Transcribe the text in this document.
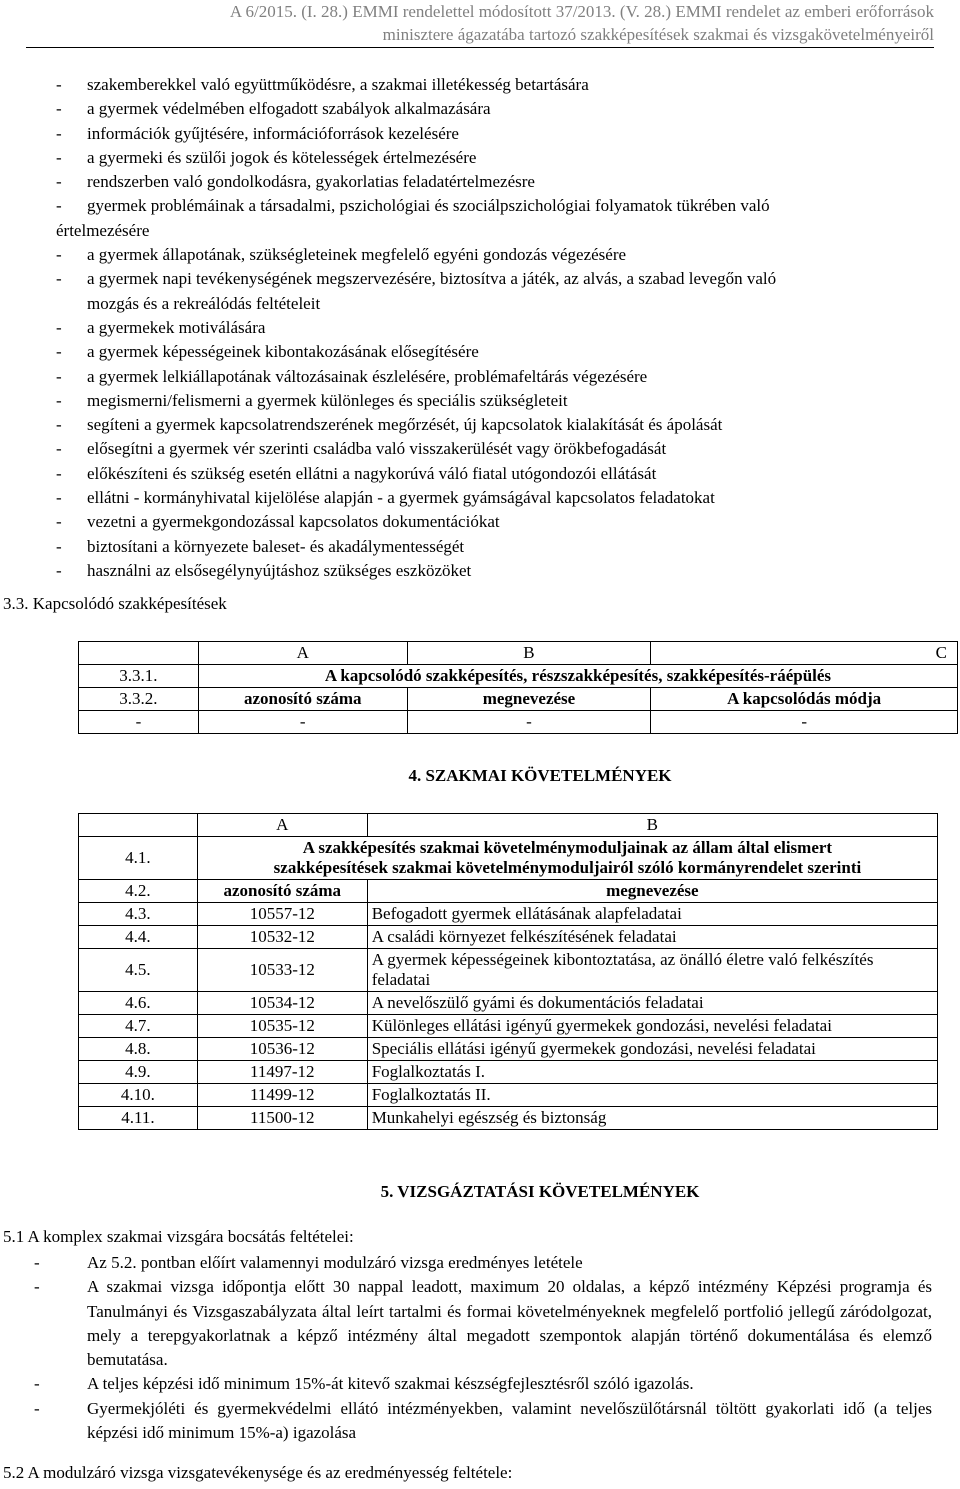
A 6/2015. (I. 28.) EMMI rendelettel módosított 37/2013. (V. 28.) EMMI rendelet az emberi erőforrások
minisztere ágazatába tartozó szakképesítések szakmai és vizsgakövetelményeiről
- szakemberekkel való együttműködésre, a szakmai illetékesség betartására
- a gyermek védelmében elfogadott szabályok alkalmazására
- információk gyűjtésére, információforrások kezelésére
- a gyermeki és szülői jogok és kötelességek értelmezésére
- rendszerben való gondolkodásra, gyakorlatias feladatértelmezésre
- gyermek problémáinak a társadalmi, pszichológiai és szociálpszichológiai folyamatok tükrében való
értelmezésére
- a gyermek állapotának, szükségleteinek megfelelő egyéni gondozás végezésére
- a gyermek napi tevékenységének megszervezésére, biztosítva a játék, az alvás, a szabad levegőn való
mozgás és a rekreálódás feltételeit
- a gyermekek motiválására
- a gyermek képességeinek kibontakozásának elősegítésére
- a gyermek lelkiállapotának változásainak észlelésére, problémafeltárás végezésére
- megismerni/felismerni a gyermek különleges és speciális szükségleteit
- segíteni a gyermek kapcsolatrendszerének megőrzését, új kapcsolatok kialakítását és ápolását
- elősegítni a gyermek vér szerinti családba való visszakerülését vagy örökbefogadását
- előkészíteni és szükség esetén ellátni a nagykorúvá váló fiatal utógondozói ellátását
- ellátni - kormányhivatal kijelölése alapján - a gyermek gyámságával kapcsolatos feladatokat
- vezetni a gyermekgondozással kapcsolatos dokumentációkat
- biztosítani a környezete baleset- és akadálymentességét
- használni az elsősegélynyújtáshoz szükséges eszközöket
3.3. Kapcsolódó szakképesítések
	A	B	C
3.3.1.	A kapcsolódó szakképesítés, részszakképesítés, szakképesítés-ráépülés		
3.3.2.	azonosító száma	megnevezése	A kapcsolódás módja
-	-	-	-
4. SZAKMAI KÖVETELMÉNYEK
	A	B
4.1.	A szakképesítés szakmai követelménymoduljainak az állam által elismert
szakképesítések szakmai követelménymoduljairól szóló kormányrendelet szerinti	

4.2.	azonosító száma	megnevezése
4.3.	10557-12	Befogadott gyermek ellátásának alapfeladatai
4.4.	10532-12	A családi környezet felkészítésének feladatai
4.5.	10533-12	A gyermek képességeinek kibontoztatása, az önálló életre való felkészítés feladatai
4.6.	10534-12	A nevelőszülő gyámi és dokumentációs feladatai
4.7.	10535-12	Különleges ellátási igényű gyermekek gondozási, nevelési feladatai
4.8.	10536-12	Speciális ellátási igényű gyermekek gondozási, nevelési feladatai
4.9.	11497-12	Foglalkoztatás I.
4.10.	11499-12	Foglalkoztatás II.
4.11.	11500-12	Munkahelyi egészség és biztonság
5. VIZSGÁZTATÁSI KÖVETELMÉNYEK
5.1 A komplex szakmai vizsgára bocsátás feltételei:
-	Az 5.2. pontban előírt valamennyi modulzáró vizsga eredményes letétele
-	A szakmai vizsga időpontja előtt 30 nappal leadott, maximum 20 oldalas, a képző intézmény Képzési programja és Tanulmányi és Vizsgaszabályzata által leírt tartalmi és formai követelményeknek megfelelő portfolió jellegű záródolgozat, mely a terepgyakorlatnak a képző intézmény által megadott szempontok alapján történő dokumentálása és elemző bemutatása.
-	A teljes képzési idő minimum 15%-át kitevő szakmai készségfejlesztésről szóló igazolás.
-	Gyermekjóléti és gyermekvédelmi ellátó intézményekben, valamint nevelőszülőtársnál töltött gyakorlati idő (a teljes képzési idő minimum 15%-a) igazolása
5.2 A modulzáró vizsga vizsgatevékenysége és az eredményesség feltétele:
